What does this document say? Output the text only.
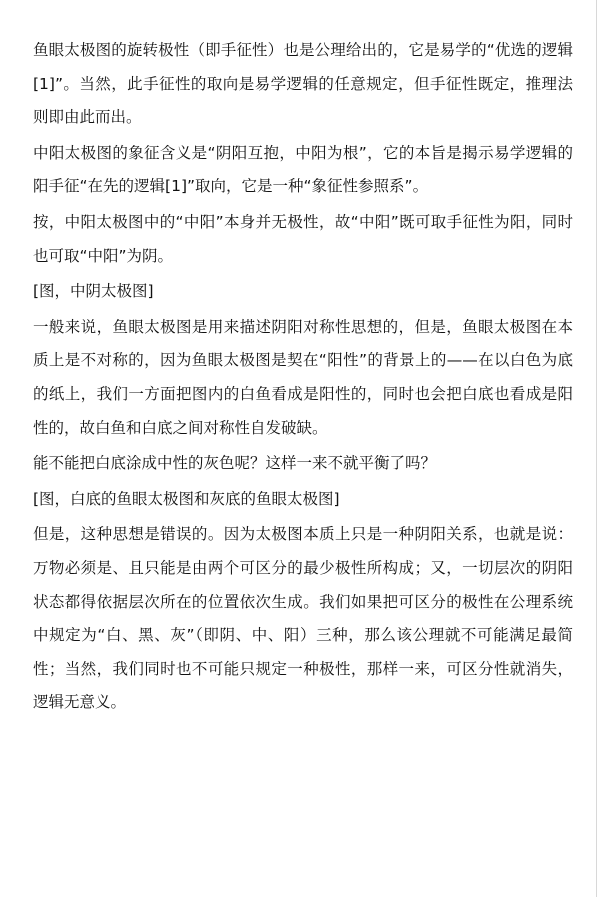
鱼眼太极图的旋转极性（即手征性）也是公理给出的，它是易学的“优选的逻辑[1]”。当然，此手征性的取向是易学逻辑的任意规定，但手征性既定，推理法则即由此而出。

中阳太极图的象征含义是“阴阳互抱，中阳为根”，它的本旨是揭示易学逻辑的阳手征“在先的逻辑[1]”取向，它是一种“象征性参照系”。

按，中阳太极图中的“中阳”本身并无极性，故“中阳”既可取手征性为阳，同时也可取“中阳”为阴。

[图，中阴太极图]

一般来说，鱼眼太极图是用来描述阴阳对称性思想的，但是，鱼眼太极图在本质上是不对称的，因为鱼眼太极图是契在“阳性”的背景上的——在以白色为底的纸上，我们一方面把图内的白鱼看成是阳性的，同时也会把白底也看成是阳性的，故白鱼和白底之间对称性自发破缺。

能不能把白底涂成中性的灰色呢？这样一来不就平衡了吗？

[图，白底的鱼眼太极图和灰底的鱼眼太极图]

但是，这种思想是错误的。因为太极图本质上只是一种阴阳关系，也就是说：万物必须是、且只能是由两个可区分的最少极性所构成；又，一切层次的阴阳状态都得依据层次所在的位置依次生成。我们如果把可区分的极性在公理系统中规定为“白、黑、灰”（即阴、中、阳）三种，那么该公理就不可能满足最简性；当然，我们同时也不可能只规定一种极性，那样一来，可区分性就消失，逻辑无意义。
